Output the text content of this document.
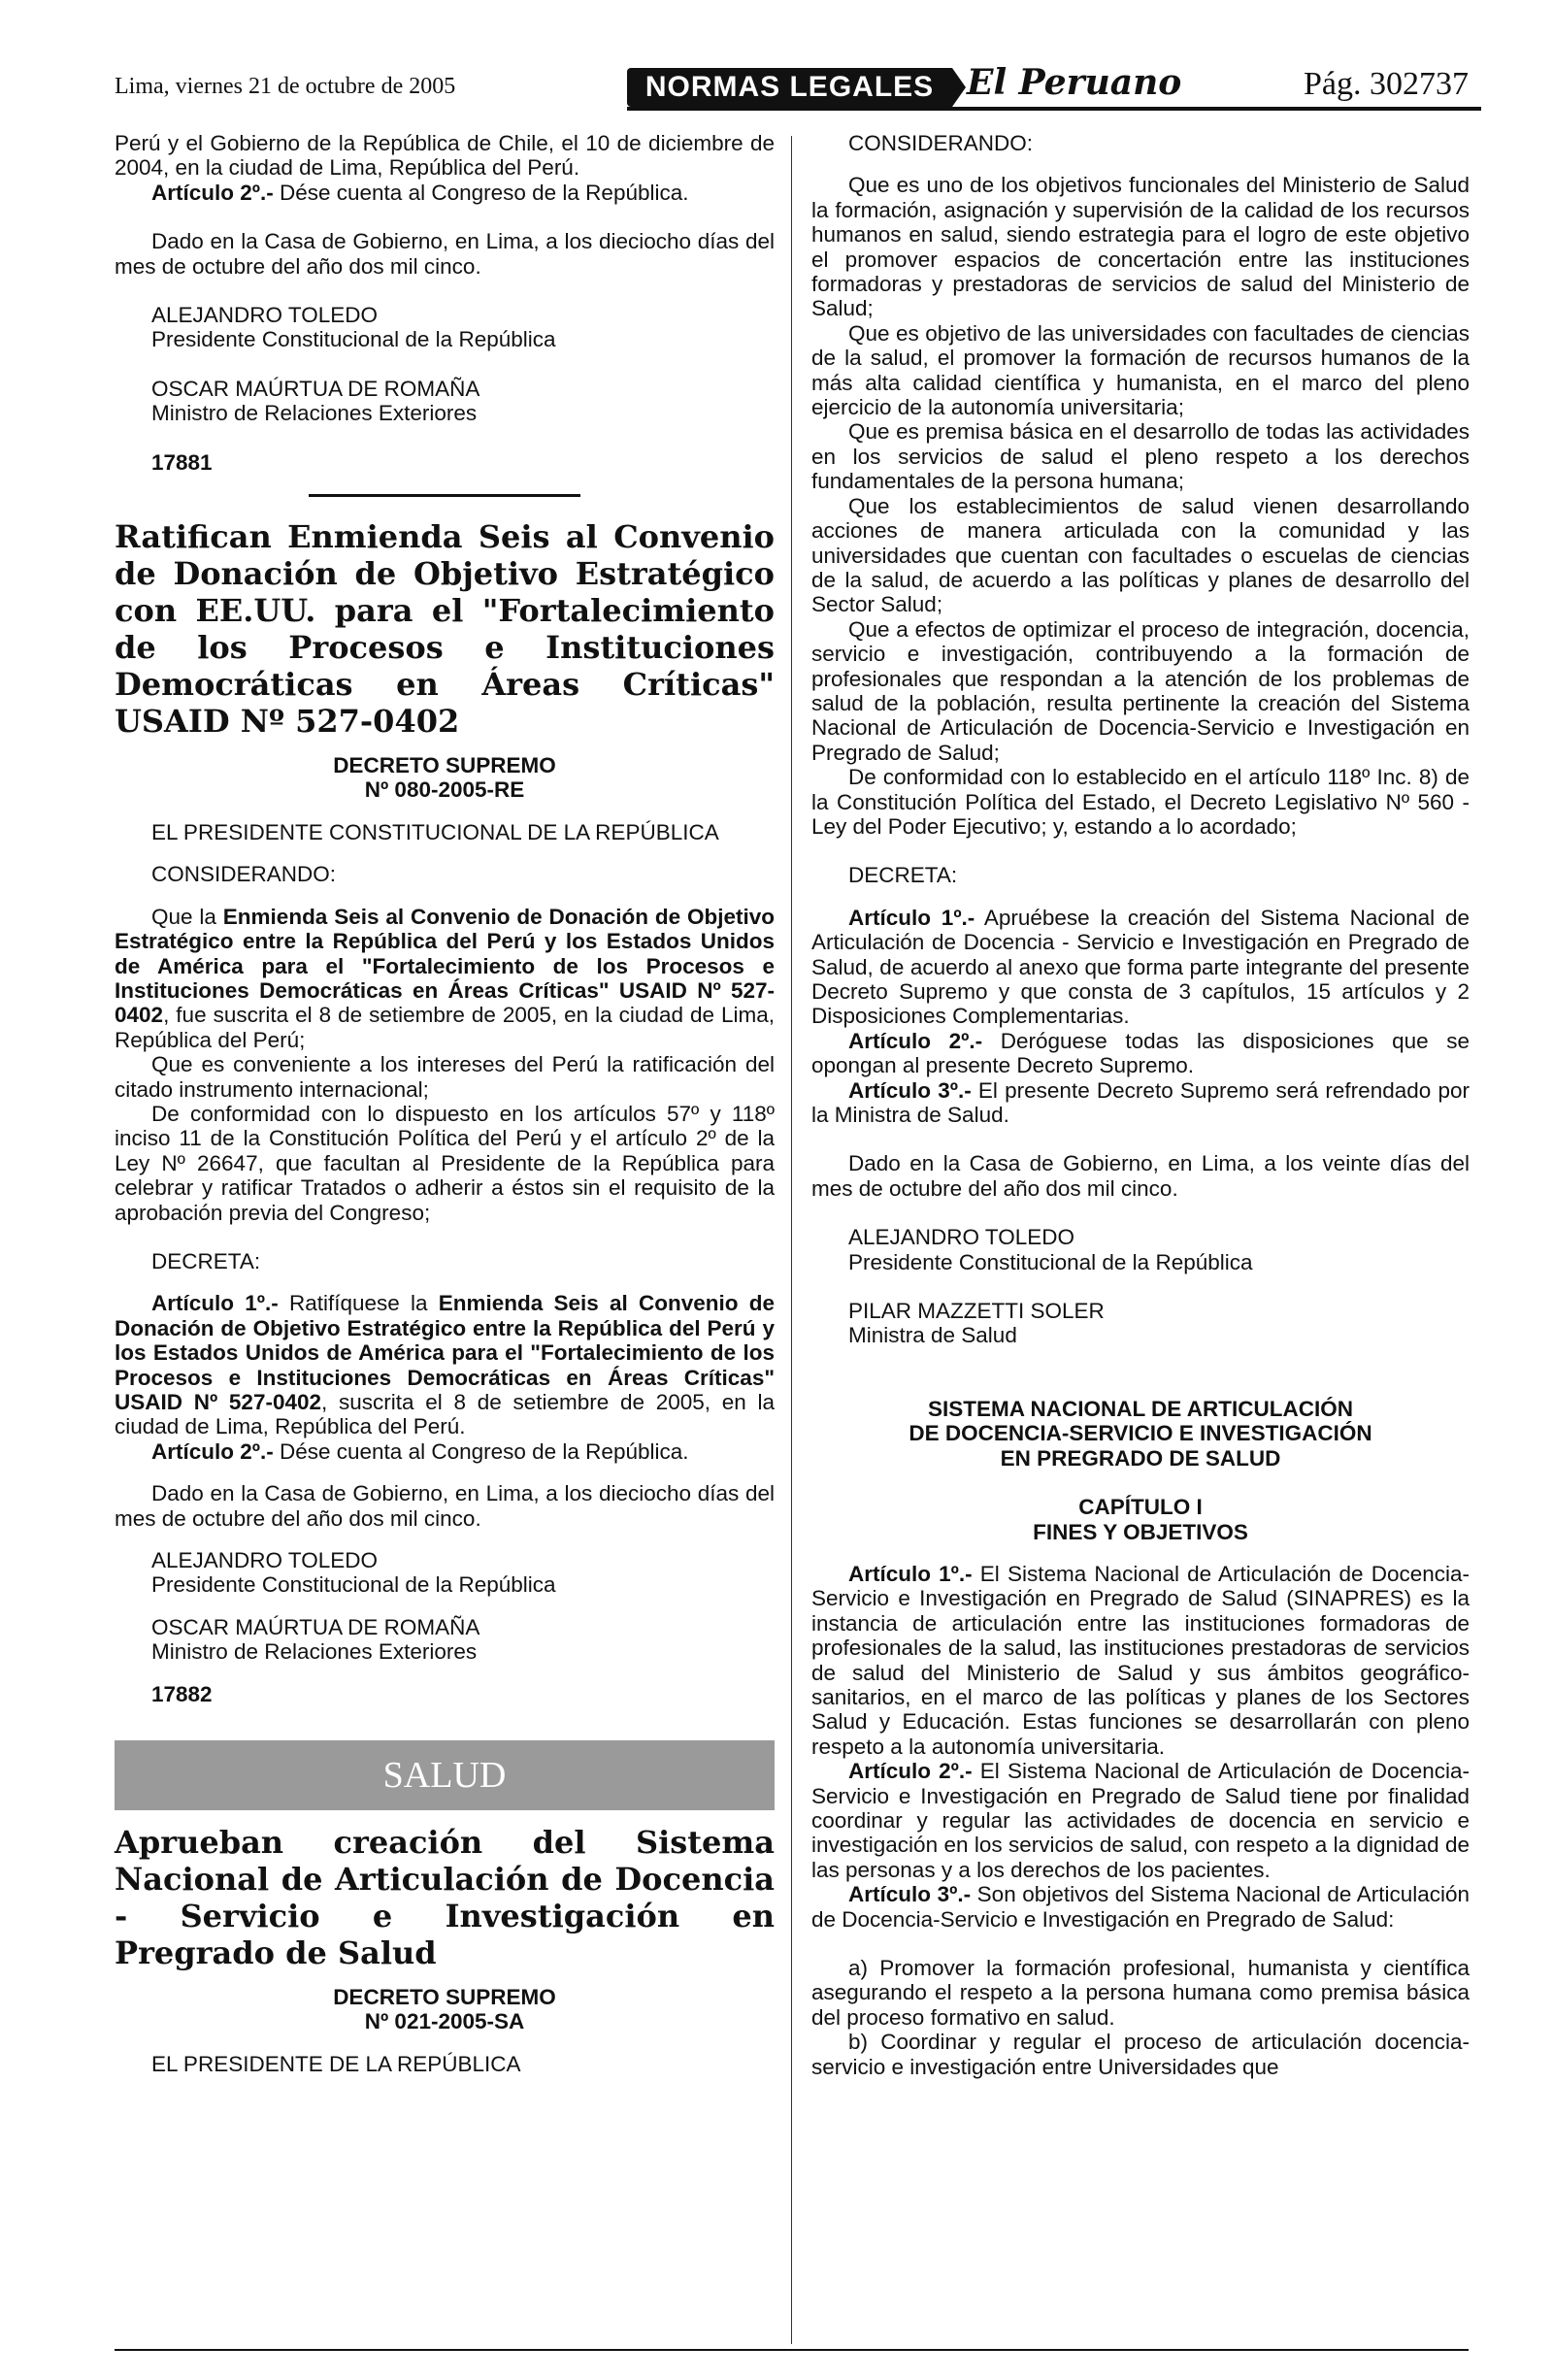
Lima, viernes 21 de octubre de 2005	NORMAS LEGALES El Peruano	Pág. 302737

Perú y el Gobierno de la República de Chile, el 10 de diciembre de 2004, en la ciudad de Lima, República del Perú.

Artículo 2º.- Dése cuenta al Congreso de la República.

Dado en la Casa de Gobierno, en Lima, a los dieciocho días del mes de octubre del año dos mil cinco.

ALEJANDRO TOLEDO

Presidente Constitucional de la República

OSCAR MAÚRTUA DE ROMAÑA

Ministro de Relaciones Exteriores

17881

Ratifican Enmienda Seis al Convenio de Donación de Objetivo Estratégico con EE.UU. para el "Fortalecimiento de los Procesos e Instituciones Democráticas en Áreas Críticas" USAID Nº 527-0402

DECRETO SUPREMO

Nº 080-2005-RE

EL PRESIDENTE CONSTITUCIONAL DE LA REPÚBLICA

CONSIDERANDO:

Que la Enmienda Seis al Convenio de Donación de Objetivo Estratégico entre la República del Perú y los Estados Unidos de América para el "Fortalecimiento de los Procesos e Instituciones Democráticas en Áreas Críticas" USAID Nº 527-0402, fue suscrita el 8 de setiembre de 2005, en la ciudad de Lima, República del Perú;

Que es conveniente a los intereses del Perú la ratificación del citado instrumento internacional;

De conformidad con lo dispuesto en los artículos 57º y 118º inciso 11 de la Constitución Política del Perú y el artículo 2º de la Ley Nº 26647, que facultan al Presidente de la República para celebrar y ratificar Tratados o adherir a éstos sin el requisito de la aprobación previa del Congreso;

DECRETA:

Artículo 1º.- Ratifíquese la Enmienda Seis al Convenio de Donación de Objetivo Estratégico entre la República del Perú y los Estados Unidos de América para el "Fortalecimiento de los Procesos e Instituciones Democráticas en Áreas Críticas" USAID Nº 527-0402, suscrita el 8 de setiembre de 2005, en la ciudad de Lima, República del Perú.

Artículo 2º.- Dése cuenta al Congreso de la República.

Dado en la Casa de Gobierno, en Lima, a los dieciocho días del mes de octubre del año dos mil cinco.

ALEJANDRO TOLEDO

Presidente Constitucional de la República

OSCAR MAÚRTUA DE ROMAÑA

Ministro de Relaciones Exteriores

17882

SALUD

Aprueban creación del Sistema Nacional de Articulación de Docencia - Servicio e Investigación en Pregrado de Salud

DECRETO SUPREMO

Nº 021-2005-SA

EL PRESIDENTE DE LA REPÚBLICA

CONSIDERANDO:

Que es uno de los objetivos funcionales del Ministerio de Salud la formación, asignación y supervisión de la calidad de los recursos humanos en salud, siendo estrategia para el logro de este objetivo el promover espacios de concertación entre las instituciones formadoras y prestadoras de servicios de salud del Ministerio de Salud;

Que es objetivo de las universidades con facultades de ciencias de la salud, el promover la formación de recursos humanos de la más alta calidad científica y humanista, en el marco del pleno ejercicio de la autonomía universitaria;

Que es premisa básica en el desarrollo de todas las actividades en los servicios de salud el pleno respeto a los derechos fundamentales de la persona humana;

Que los establecimientos de salud vienen desarrollando acciones de manera articulada con la comunidad y las universidades que cuentan con facultades o escuelas de ciencias de la salud, de acuerdo a las políticas y planes de desarrollo del Sector Salud;

Que a efectos de optimizar el proceso de integración, docencia, servicio e investigación, contribuyendo a la formación de profesionales que respondan a la atención de los problemas de salud de la población, resulta pertinente la creación del Sistema Nacional de Articulación de Docencia-Servicio e Investigación en Pregrado de Salud;

De conformidad con lo establecido en el artículo 118º Inc. 8) de la Constitución Política del Estado, el Decreto Legislativo Nº 560 - Ley del Poder Ejecutivo; y, estando a lo acordado;

DECRETA:

Artículo 1º.- Apruébese la creación del Sistema Nacional de Articulación de Docencia - Servicio e Investigación en Pregrado de Salud, de acuerdo al anexo que forma parte integrante del presente Decreto Supremo y que consta de 3 capítulos, 15 artículos y 2 Disposiciones Complementarias.

Artículo 2º.- Deróguese todas las disposiciones que se opongan al presente Decreto Supremo.

Artículo 3º.- El presente Decreto Supremo será refrendado por la Ministra de Salud.

Dado en la Casa de Gobierno, en Lima, a los veinte días del mes de octubre del año dos mil cinco.

ALEJANDRO TOLEDO

Presidente Constitucional de la República

PILAR MAZZETTI SOLER

Ministra de Salud

SISTEMA NACIONAL DE ARTICULACIÓN

DE DOCENCIA-SERVICIO E INVESTIGACIÓN

EN PREGRADO DE SALUD

CAPÍTULO I

FINES Y OBJETIVOS

Artículo 1º.- El Sistema Nacional de Articulación de Docencia-Servicio e Investigación en Pregrado de Salud (SINAPRES) es la instancia de articulación entre las instituciones formadoras de profesionales de la salud, las instituciones prestadoras de servicios de salud del Ministerio de Salud y sus ámbitos geográfico-sanitarios, en el marco de las políticas y planes de los Sectores Salud y Educación. Estas funciones se desarrollarán con pleno respeto a la autonomía universitaria.

Artículo 2º.- El Sistema Nacional de Articulación de Docencia-Servicio e Investigación en Pregrado de Salud tiene por finalidad coordinar y regular las actividades de docencia en servicio e investigación en los servicios de salud, con respeto a la dignidad de las personas y a los derechos de los pacientes.

Artículo 3º.- Son objetivos del Sistema Nacional de Articulación de Docencia-Servicio e Investigación en Pregrado de Salud:

a) Promover la formación profesional, humanista y científica asegurando el respeto a la persona humana como premisa básica del proceso formativo en salud.

b) Coordinar y regular el proceso de articulación docencia-servicio e investigación entre Universidades que
